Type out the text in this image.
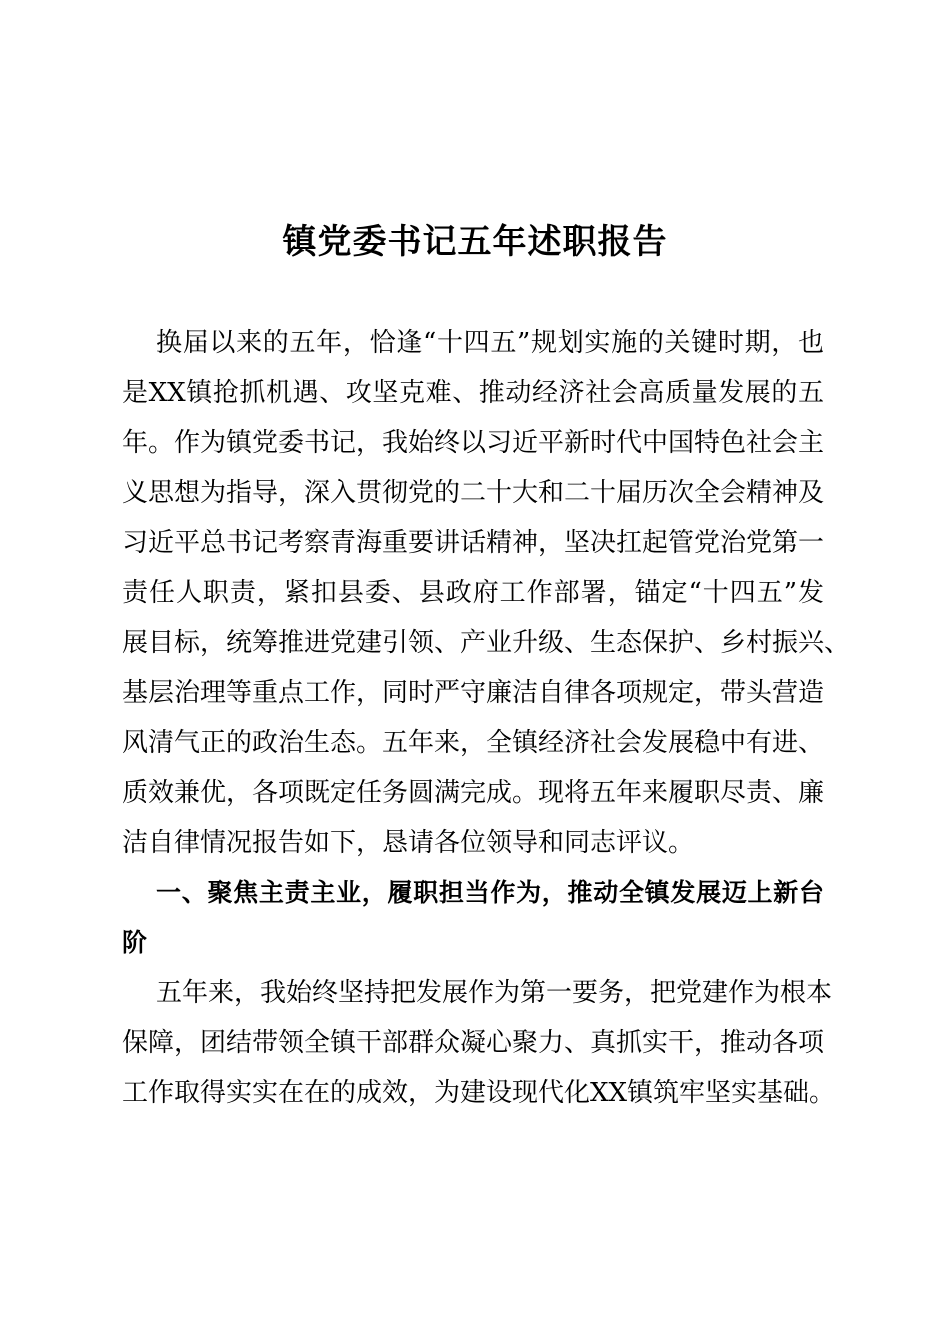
镇党委书记五年述职报告
换届以来的五年，恰逢“十四五”规划实施的关键时期，也
是XX镇抢抓机遇、攻坚克难、推动经济社会高质量发展的五
年。作为镇党委书记，我始终以习近平新时代中国特色社会主
义思想为指导，深入贯彻党的二十大和二十届历次全会精神及
习近平总书记考察青海重要讲话精神，坚决扛起管党治党第一
责任人职责，紧扣县委、县政府工作部署，锚定“十四五”发
展目标，统筹推进党建引领、产业升级、生态保护、乡村振兴、
基层治理等重点工作，同时严守廉洁自律各项规定，带头营造
风清气正的政治生态。五年来，全镇经济社会发展稳中有进、
质效兼优，各项既定任务圆满完成。现将五年来履职尽责、廉
洁自律情况报告如下，恳请各位领导和同志评议。
一、聚焦主责主业，履职担当作为，推动全镇发展迈上新台
阶
五年来，我始终坚持把发展作为第一要务，把党建作为根本
保障，团结带领全镇干部群众凝心聚力、真抓实干，推动各项
工作取得实实在在的成效，为建设现代化XX镇筑牢坚实基础。
